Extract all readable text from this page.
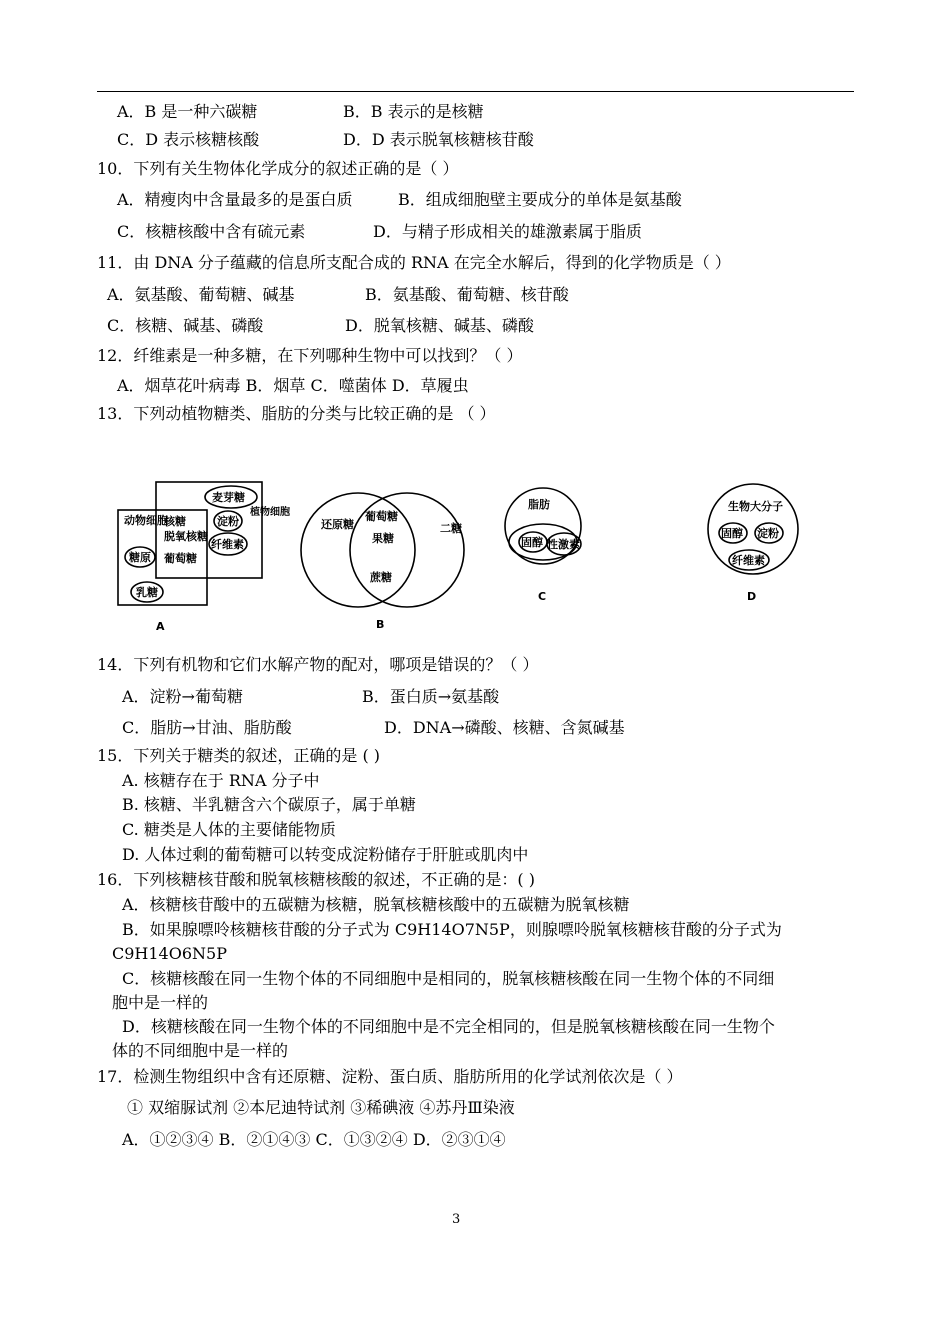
A．B 是一种六碳糖	B．B 表示的是核糖
C．D 表示核糖核酸	D．D 表示脱氧核糖核苷酸
10．下列有关生物体化学成分的叙述正确的是（ ）
A．精瘦肉中含量最多的是蛋白质	B．组成细胞壁主要成分的单体是氨基酸
C．核糖核酸中含有硫元素	D．与精子形成相关的雄激素属于脂质
11．由 DNA 分子蕴藏的信息所支配合成的 RNA 在完全水解后，得到的化学物质是（ ）
A．氨基酸、葡萄糖、碱基	B．氨基酸、葡萄糖、核苷酸
C．核糖、碱基、磷酸	D．脱氧核糖、碱基、磷酸
12．纤维素是一种多糖，在下列哪种生物中可以找到？（ ）
A．烟草花叶病毒 B．烟草 C．噬菌体 D．草履虫
13．下列动植物糖类、脂肪的分类与比较正确的是 （ ）
动物细胞
植物细胞
核糖
脱氧核糖
葡萄糖
麦芽糖
淀粉
纤维素
糖原
乳糖
A
还原糖	二糖
葡萄糖
果糖
蔗糖
B
脂肪
固醇 性激素
C
生物大分子
固醇 淀粉
纤维素
D
14．下列有机物和它们水解产物的配对，哪项是错误的？（ ）
A．淀粉→葡萄糖	B．蛋白质→氨基酸
C．脂肪→甘油、脂肪酸	D．DNA→磷酸、核糖、含氮碱基
15．下列关于糖类的叙述，正确的是 ( )
A. 核糖存在于 RNA 分子中
B. 核糖、半乳糖含六个碳原子，属于单糖
C. 糖类是人体的主要储能物质
D. 人体过剩的葡萄糖可以转变成淀粉储存于肝脏或肌肉中
16．下列核糖核苷酸和脱氧核糖核酸的叙述，不正确的是：( )
A．核糖核苷酸中的五碳糖为核糖，脱氧核糖核酸中的五碳糖为脱氧核糖
B．如果腺嘌呤核糖核苷酸的分子式为 C9H14O7N5P，则腺嘌呤脱氧核糖核苷酸的分子式为
C9H14O6N5P
C．核糖核酸在同一生物个体的不同细胞中是相同的，脱氧核糖核酸在同一生物个体的不同细
胞中是一样的
D．核糖核酸在同一生物个体的不同细胞中是不完全相同的，但是脱氧核糖核酸在同一生物个
体的不同细胞中是一样的
17．检测生物组织中含有还原糖、淀粉、蛋白质、脂肪所用的化学试剂依次是（ ）
① 双缩脲试剂 ②本尼迪特试剂 ③稀碘液 ④苏丹Ⅲ染液
A．①②③④ B．②①④③ C．①③②④ D．②③①④
3
